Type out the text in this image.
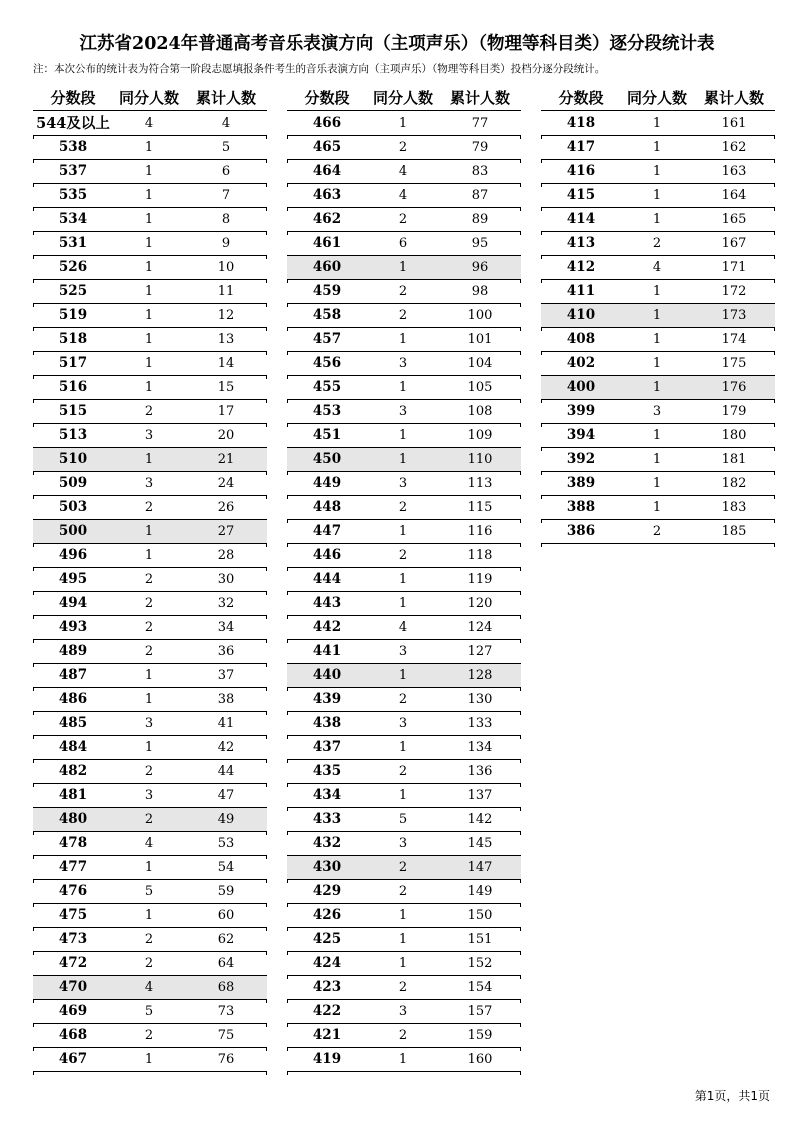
江苏省2024年普通高考音乐表演方向（主项声乐）（物理等科目类）逐分段统计表
注：本次公布的统计表为符合第一阶段志愿填报条件考生的音乐表演方向（主项声乐）（物理等科目类）投档分逐分段统计。
分数段	同分人数	累计人数
544及以上	4	4
538	1	5
537	1	6
535	1	7
534	1	8
531	1	9
526	1	10
525	1	11
519	1	12
518	1	13
517	1	14
516	1	15
515	2	17
513	3	20
510	1	21
509	3	24
503	2	26
500	1	27
496	1	28
495	2	30
494	2	32
493	2	34
489	2	36
487	1	37
486	1	38
485	3	41
484	1	42
482	2	44
481	3	47
480	2	49
478	4	53
477	1	54
476	5	59
475	1	60
473	2	62
472	2	64
470	4	68
469	5	73
468	2	75
467	1	76
分数段	同分人数	累计人数
466	1	77
465	2	79
464	4	83
463	4	87
462	2	89
461	6	95
460	1	96
459	2	98
458	2	100
457	1	101
456	3	104
455	1	105
453	3	108
451	1	109
450	1	110
449	3	113
448	2	115
447	1	116
446	2	118
444	1	119
443	1	120
442	4	124
441	3	127
440	1	128
439	2	130
438	3	133
437	1	134
435	2	136
434	1	137
433	5	142
432	3	145
430	2	147
429	2	149
426	1	150
425	1	151
424	1	152
423	2	154
422	3	157
421	2	159
419	1	160
分数段	同分人数	累计人数
418	1	161
417	1	162
416	1	163
415	1	164
414	1	165
413	2	167
412	4	171
411	1	172
410	1	173
408	1	174
402	1	175
400	1	176
399	3	179
394	1	180
392	1	181
389	1	182
388	1	183
386	2	185
第1页，共1页
